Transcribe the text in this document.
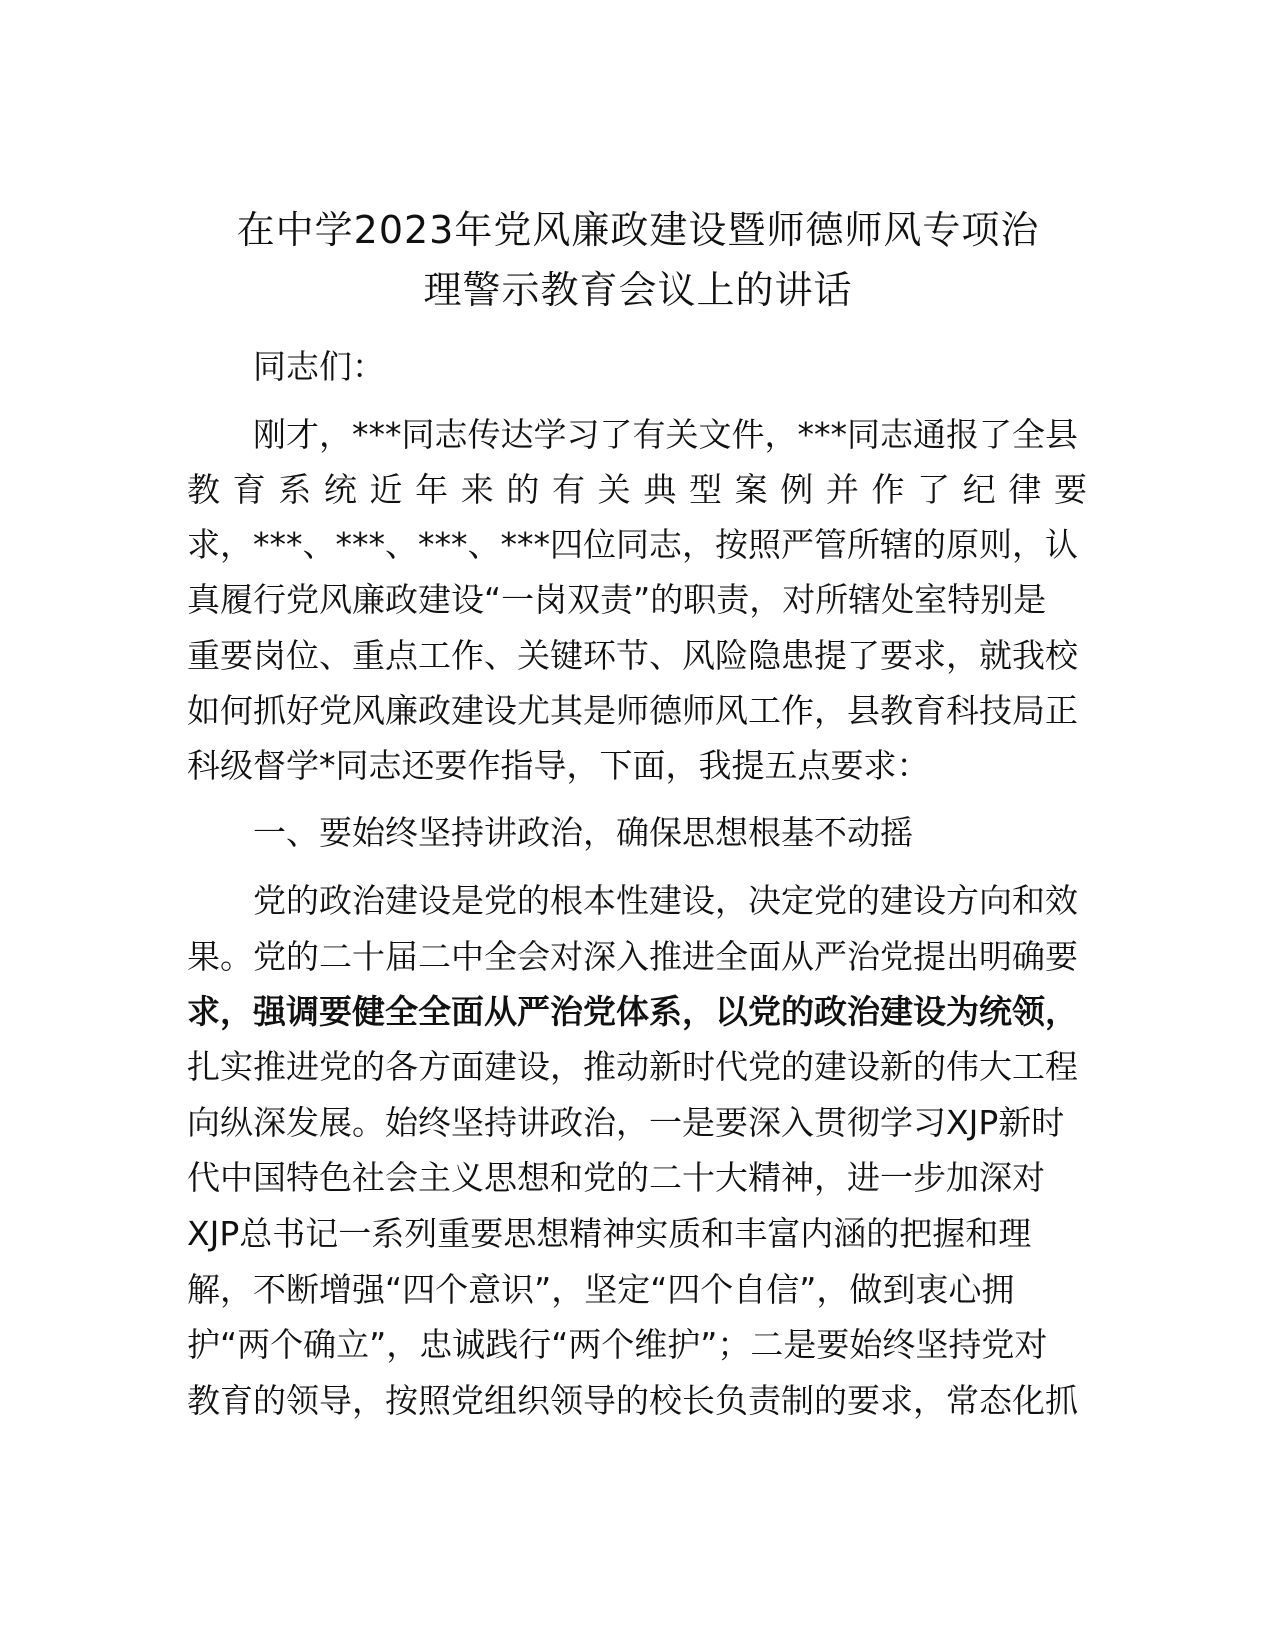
在中学2023年党风廉政建设暨师德师风专项治
理警示教育会议上的讲话

同志们：

刚才，***同志传达学习了有关文件，***同志通报了全县

教育系统近年来的有关典型案例并作了纪律要

求，***、***、***、***四位同志，按照严管所辖的原则，认

真履行党风廉政建设“一岗双责”的职责，对所辖处室特别是

重要岗位、重点工作、关键环节、风险隐患提了要求，就我校

如何抓好党风廉政建设尤其是师德师风工作，县教育科技局正

科级督学*同志还要作指导，下面，我提五点要求：

一、要始终坚持讲政治，确保思想根基不动摇

党的政治建设是党的根本性建设，决定党的建设方向和效

果。党的二十届二中全会对深入推进全面从严治党提出明确要

求，强调要健全全面从严治党体系，以党的政治建设为统领，

扎实推进党的各方面建设，推动新时代党的建设新的伟大工程

向纵深发展。始终坚持讲政治，一是要深入贯彻学习XJP新时

代中国特色社会主义思想和党的二十大精神，进一步加深对

XJP总书记一系列重要思想精神实质和丰富内涵的把握和理

解，不断增强“四个意识”，坚定“四个自信”，做到衷心拥

护“两个确立”，忠诚践行“两个维护”；二是要始终坚持党对

教育的领导，按照党组织领导的校长负责制的要求，常态化抓
